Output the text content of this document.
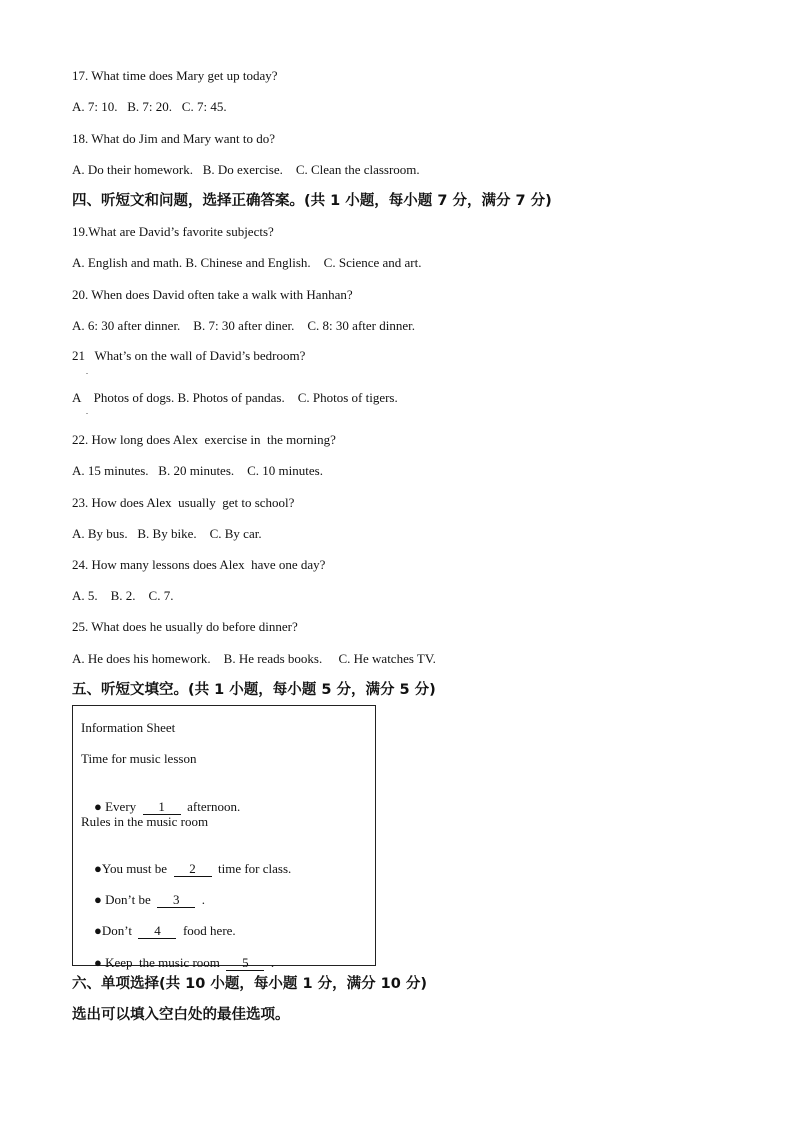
17. What time does Mary get up today?
A. 7: 10.   B. 7: 20.   C. 7: 45.
18. What do Jim and Mary want to do?
A. Do their homework.   B. Do exercise.    C. Clean the classroom.
四、听短文和问题，选择正确答案。(共 1 小题，每小题 7 分，满分 7 分)
19.What are David’s favorite subjects?
A. English and math. B. Chinese and English.    C. Science and art.
20. When does David often take a walk with Hanhan?
A. 6: 30 after dinner.    B. 7: 30 after diner.    C. 8: 30 after dinner.
21   What’s on the wall of David’s bedroom?
.
A    Photos of dogs. B. Photos of pandas.    C. Photos of tigers.
.
22. How long does Alex  exercise in  the morning?
A. 15 minutes.   B. 20 minutes.    C. 10 minutes.
23. How does Alex  usually  get to school?
A. By bus.   B. By bike.    C. By car.
24. How many lessons does Alex  have one day?
A. 5.    B. 2.    C. 7.
25. What does he usually do before dinner?
A. He does his homework.    B. He reads books.     C. He watches TV.
五、听短文填空。(共 1 小题，每小题 5 分，满分 5 分)
Information Sheet
Time for music lesson

● Every  1  afternoon.

Rules in the music room

●You must be  2  time for class.

● Don’t be  3  .

●Don’t  4  food here.

● Keep  the music room  5  .

六、单项选择(共 10 小题，每小题 1 分，满分 10 分)
选出可以填入空白处的最佳选项。
